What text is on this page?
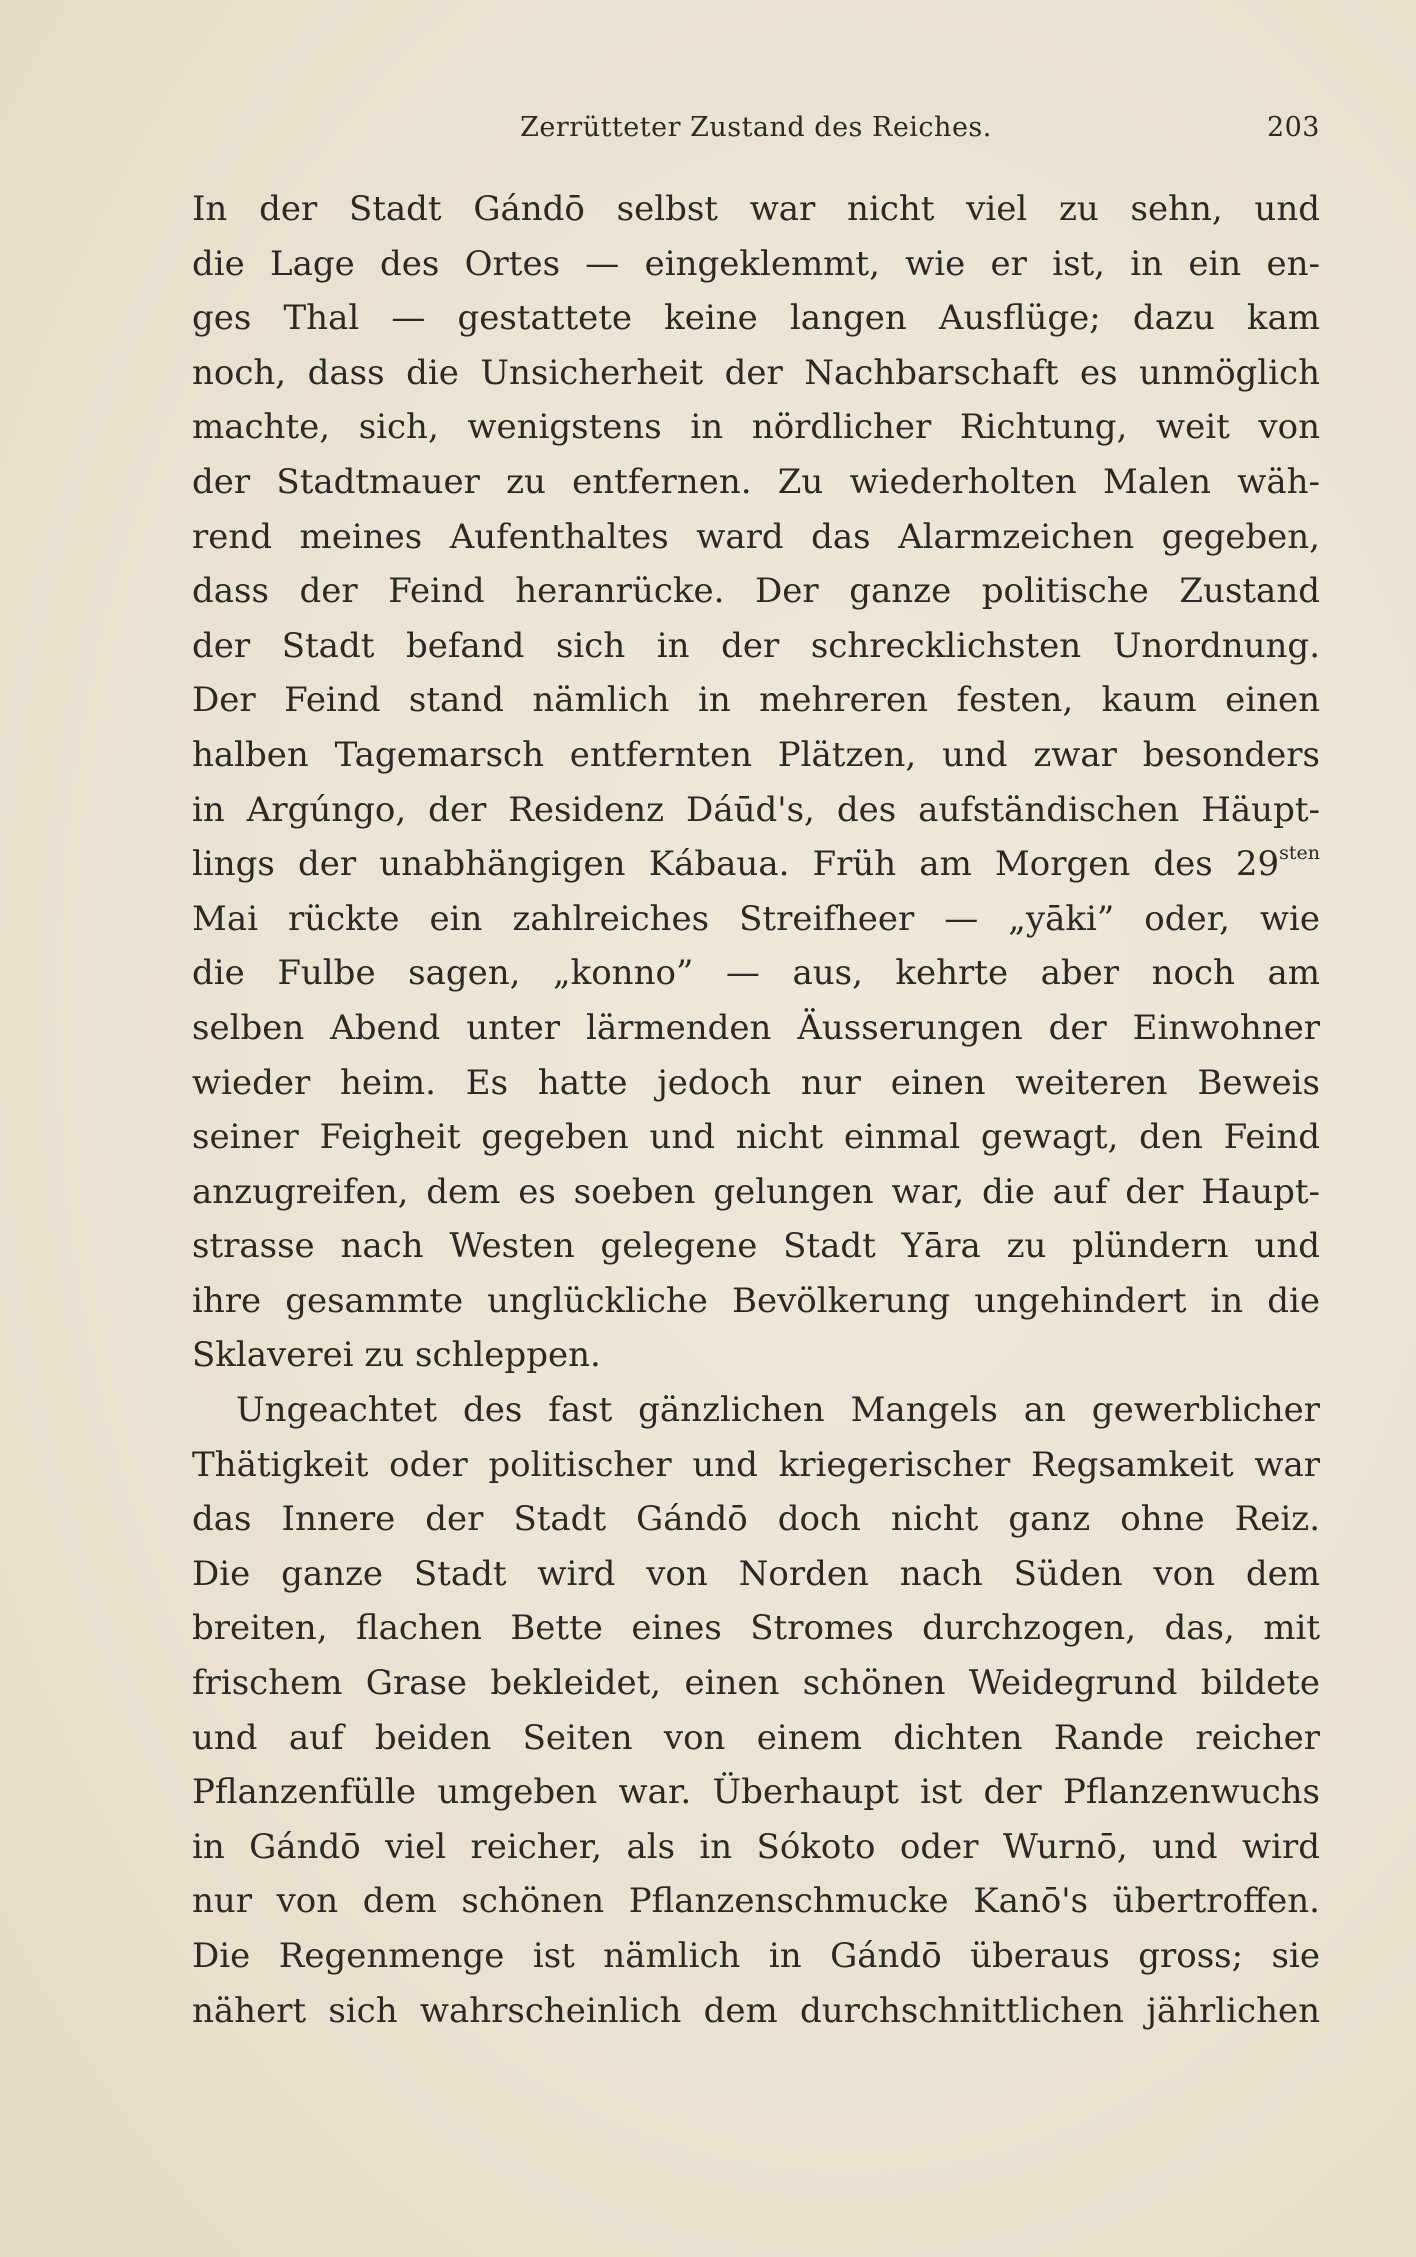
Zerrütteter Zustand des Reiches.	203
In der Stadt Gándō selbst war nicht viel zu sehn, und
die Lage des Ortes — eingeklemmt, wie er ist, in ein en-
ges Thal — gestattete keine langen Ausflüge; dazu kam
noch, dass die Unsicherheit der Nachbarschaft es unmöglich
machte, sich, wenigstens in nördlicher Richtung, weit von
der Stadtmauer zu entfernen. Zu wiederholten Malen wäh-
rend meines Aufenthaltes ward das Alarmzeichen gegeben,
dass der Feind heranrücke. Der ganze politische Zustand
der Stadt befand sich in der schrecklichsten Unordnung.
Der Feind stand nämlich in mehreren festen, kaum einen
halben Tagemarsch entfernten Plätzen, und zwar besonders
in Argúngo, der Residenz Dáūd's, des aufständischen Häupt-
lings der unabhängigen Kábaua. Früh am Morgen des $29^{sten}$
Mai rückte ein zahlreiches Streifheer — „yāki” oder, wie
die Fulbe sagen, „konno” — aus, kehrte aber noch am
selben Abend unter lärmenden Äusserungen der Einwohner
wieder heim. Es hatte jedoch nur einen weiteren Beweis
seiner Feigheit gegeben und nicht einmal gewagt, den Feind
anzugreifen, dem es soeben gelungen war, die auf der Haupt-
strasse nach Westen gelegene Stadt Yāra zu plündern und
ihre gesammte unglückliche Bevölkerung ungehindert in die
Sklaverei zu schleppen.
Ungeachtet des fast gänzlichen Mangels an gewerblicher
Thätigkeit oder politischer und kriegerischer Regsamkeit war
das Innere der Stadt Gándō doch nicht ganz ohne Reiz.
Die ganze Stadt wird von Norden nach Süden von dem
breiten, flachen Bette eines Stromes durchzogen, das, mit
frischem Grase bekleidet, einen schönen Weidegrund bildete
und auf beiden Seiten von einem dichten Rande reicher
Pflanzenfülle umgeben war. Überhaupt ist der Pflanzenwuchs
in Gándō viel reicher, als in Sókoto oder Wurnō, und wird
nur von dem schönen Pflanzenschmucke Kanō's übertroffen.
Die Regenmenge ist nämlich in Gándō überaus gross; sie
nähert sich wahrscheinlich dem durchschnittlichen jährlichen
